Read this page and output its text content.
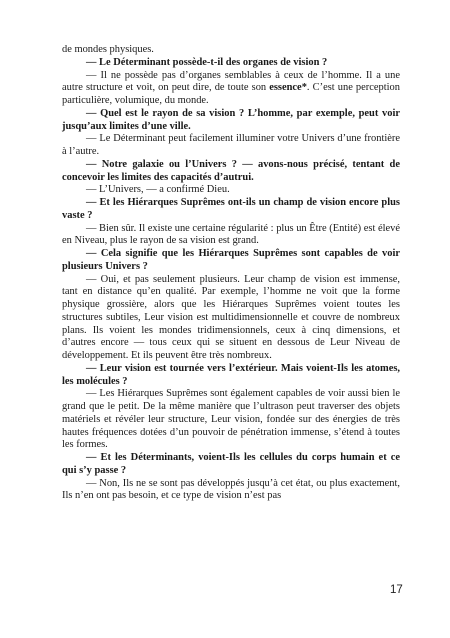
de mondes physiques.

— Le Déterminant possède-t-il des organes de vision ?

— Il ne possède pas d’organes semblables à ceux de l’homme. Il a une autre structure et voit, on peut dire, de toute son essence*. C’est une perception particulière, volumique, du monde.

— Quel est le rayon de sa vision ? L’homme, par exemple, peut voir jusqu’aux limites d’une ville.

— Le Déterminant peut facilement illuminer votre Univers d’une frontière à l’autre.

— Notre galaxie ou l’Univers ? — avons-nous précisé, tentant de concevoir les limites des capacités d’autrui.

— L’Univers, — a confirmé Dieu.

— Et les Hiérarques Suprêmes ont-ils un champ de vision encore plus vaste ?

— Bien sûr. Il existe une certaine régularité : plus un Être (Entité) est élevé en Niveau, plus le rayon de sa vision est grand.

— Cela signifie que les Hiérarques Suprêmes sont capables de voir plusieurs Univers ?

— Oui, et pas seulement plusieurs. Leur champ de vision est immense, tant en distance qu’en qualité. Par exemple, l’homme ne voit que la forme physique grossière, alors que les Hiérarques Suprêmes voient toutes les structures subtiles, Leur vision est multidimensionnelle et couvre de nombreux plans. Ils voient les mondes tridimensionnels, ceux à cinq dimensions, et d’autres encore — tous ceux qui se situent en dessous de Leur Niveau de développement. Et ils peuvent être très nombreux.

— Leur vision est tournée vers l’extérieur. Mais voient-Ils les atomes, les molécules ?

— Les Hiérarques Suprêmes sont également capables de voir aussi bien le grand que le petit. De la même manière que l’ultrason peut traverser des objets matériels et révéler leur structure, Leur vision, fondée sur des énergies de très hautes fréquences dotées d’un pouvoir de pénétration immense, s’étend à toutes les formes.

— Et les Déterminants, voient-Ils les cellules du corps humain et ce qui s’y passe ?

— Non, Ils ne se sont pas développés jusqu’à cet état, ou plus exactement, Ils n’en ont pas besoin, et ce type de vision n’est pas

17
